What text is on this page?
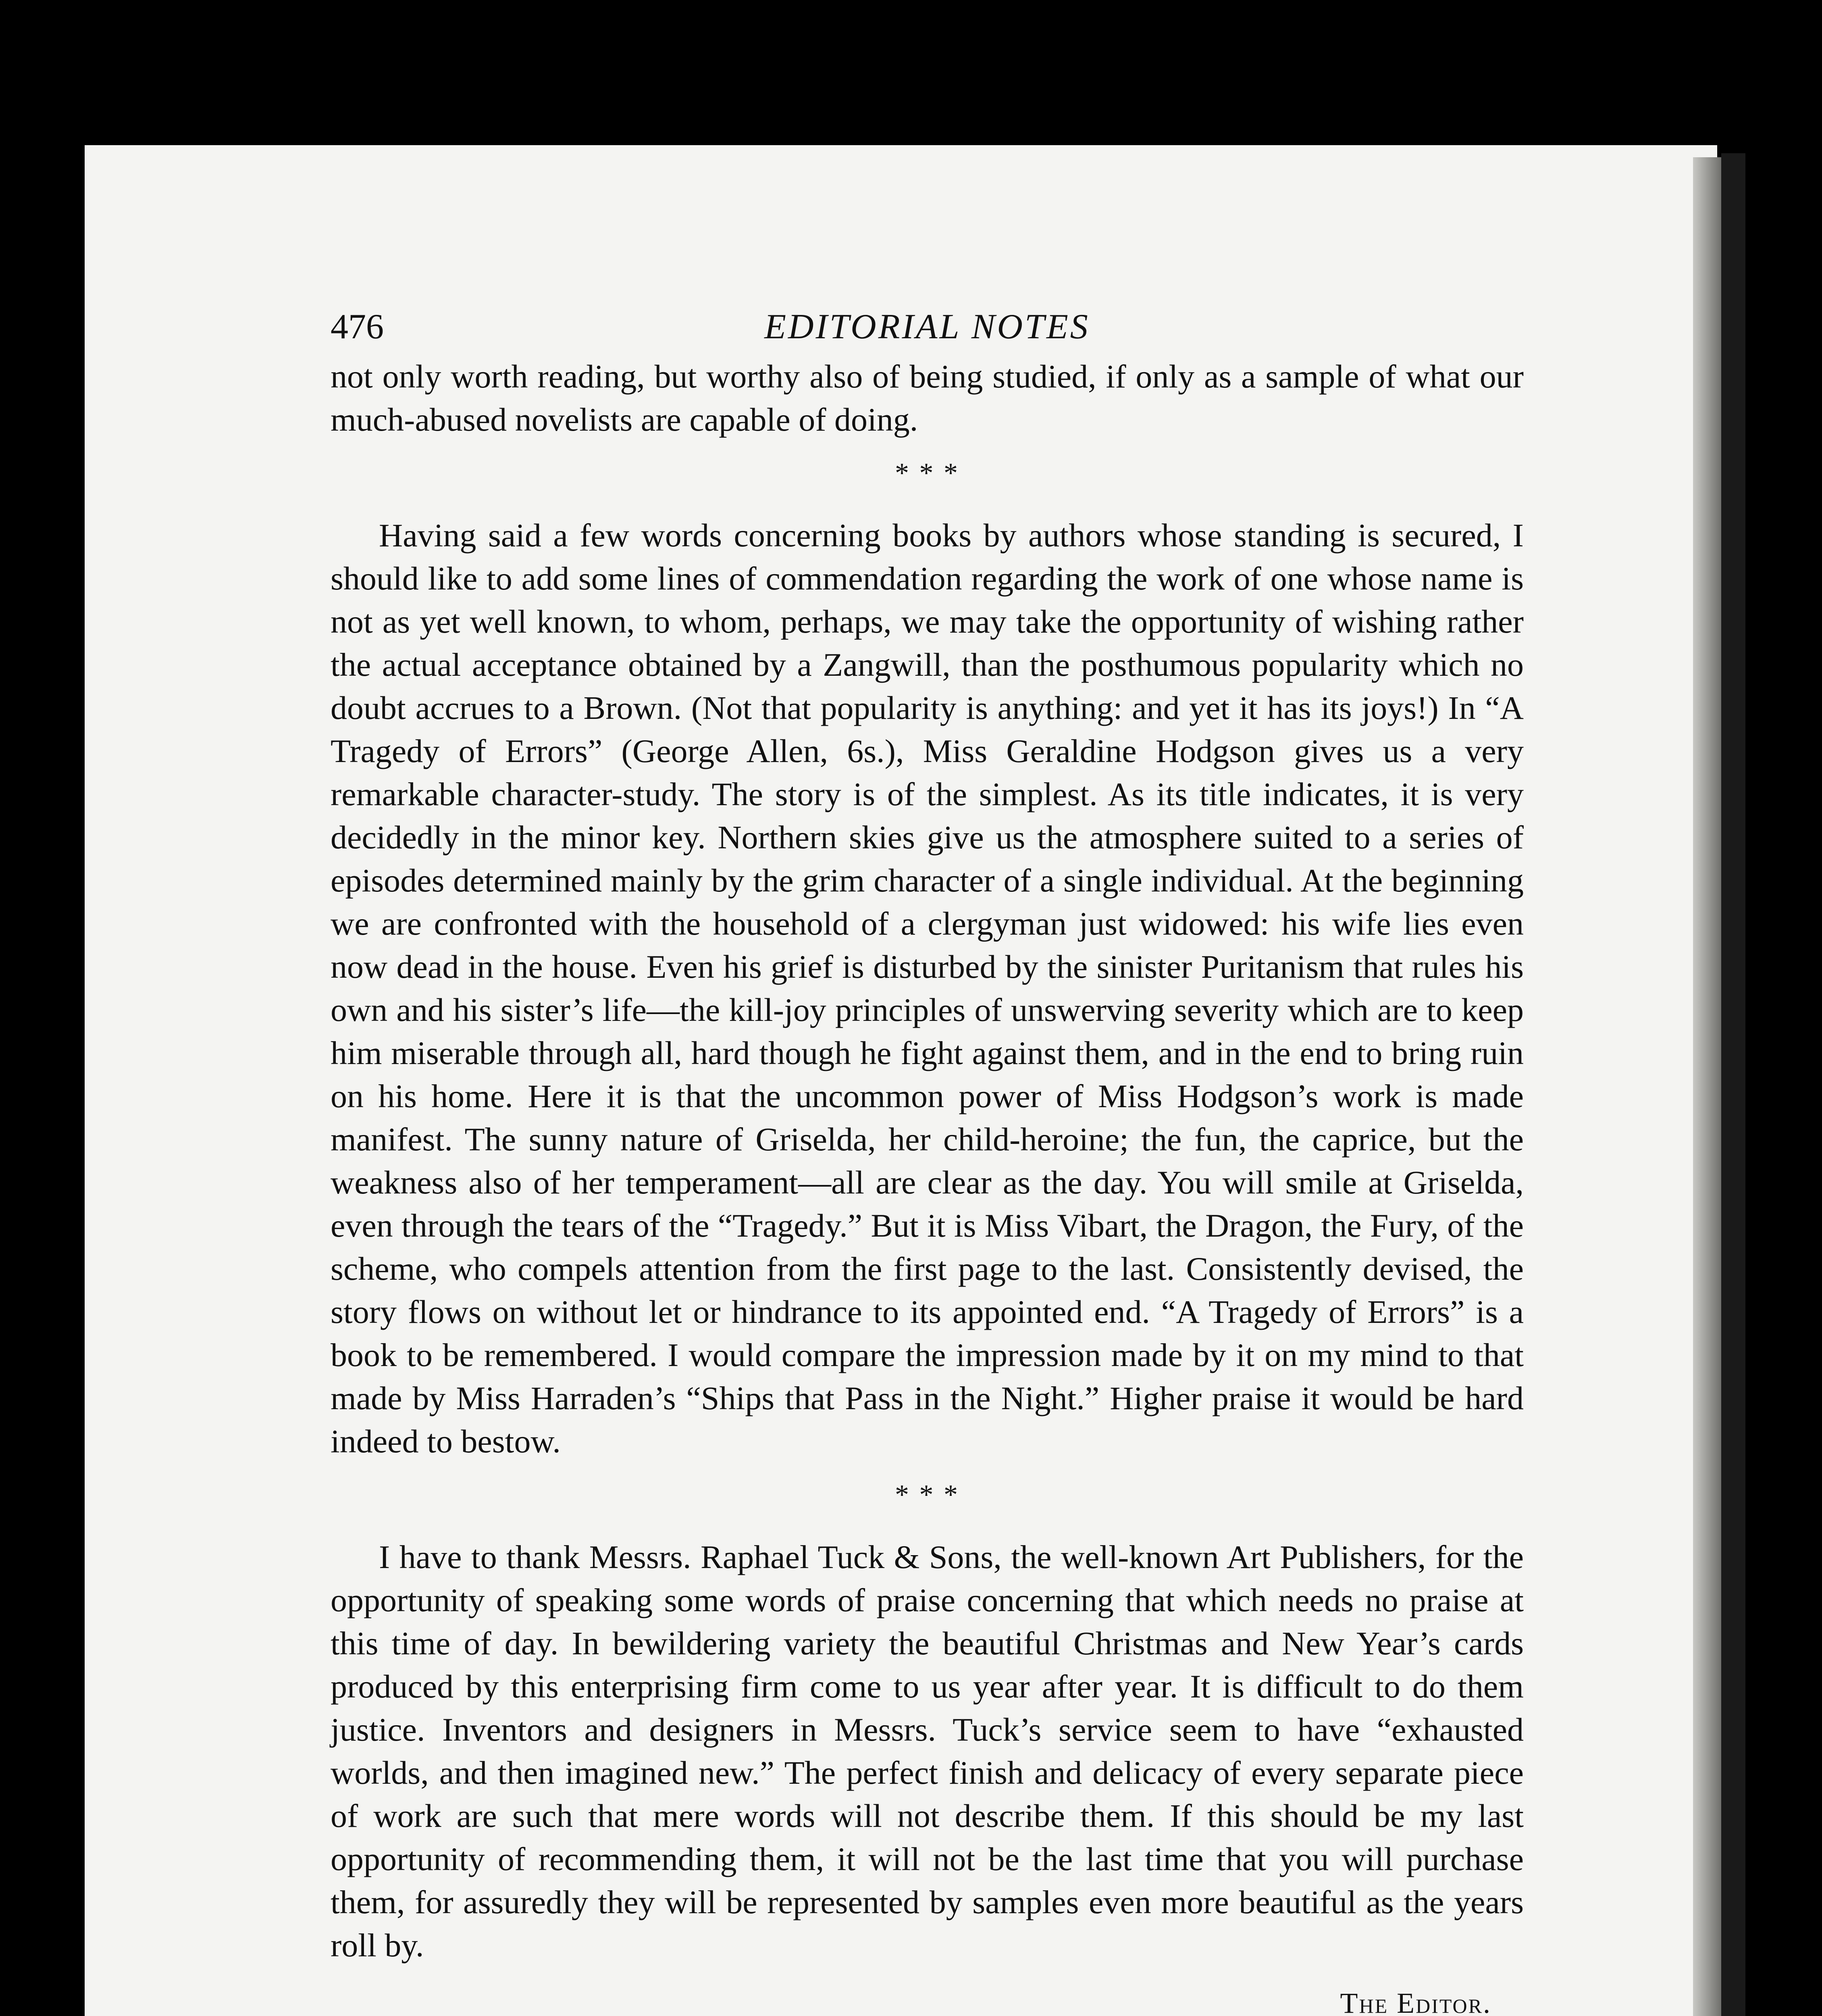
476	EDITORIAL NOTES

not only worth reading, but worthy also of being studied, if only as a sample of what our much-abused novelists are capable of doing.

* * *

Having said a few words concerning books by authors whose standing is secured, I should like to add some lines of commendation regarding the work of one whose name is not as yet well known, to whom, perhaps, we may take the opportunity of wishing rather the actual acceptance obtained by a Zangwill, than the posthumous popularity which no doubt accrues to a Brown. (Not that popularity is anything: and yet it has its joys!) In “A Tragedy of Errors” (George Allen, 6s.), Miss Geraldine Hodgson gives us a very remarkable character-study. The story is of the simplest. As its title indicates, it is very decidedly in the minor key. Northern skies give us the atmosphere suited to a series of episodes determined mainly by the grim character of a single individual. At the beginning we are confronted with the household of a clergyman just widowed: his wife lies even now dead in the house. Even his grief is disturbed by the sinister Puritanism that rules his own and his sister’s life—the kill-joy principles of unswerving severity which are to keep him miserable through all, hard though he fight against them, and in the end to bring ruin on his home. Here it is that the uncommon power of Miss Hodgson’s work is made manifest. The sunny nature of Griselda, her child-heroine; the fun, the caprice, but the weakness also of her temperament—all are clear as the day. You will smile at Griselda, even through the tears of the “Tragedy.” But it is Miss Vibart, the Dragon, the Fury, of the scheme, who compels attention from the first page to the last. Consistently devised, the story flows on without let or hindrance to its appointed end. “A Tragedy of Errors” is a book to be remembered. I would compare the impression made by it on my mind to that made by Miss Harraden’s “Ships that Pass in the Night.” Higher praise it would be hard indeed to bestow.

* * *

I have to thank Messrs. Raphael Tuck & Sons, the well-known Art Publishers, for the opportunity of speaking some words of praise concerning that which needs no praise at this time of day. In bewildering variety the beautiful Christmas and New Year’s cards produced by this enterprising firm come to us year after year. It is difficult to do them justice. Inventors and designers in Messrs. Tuck’s service seem to have “exhausted worlds, and then imagined new.” The perfect finish and delicacy of every separate piece of work are such that mere words will not describe them. If this should be my last opportunity of recommending them, it will not be the last time that you will purchase them, for assuredly they will be represented by samples even more beautiful as the years roll by.

The Editor.
